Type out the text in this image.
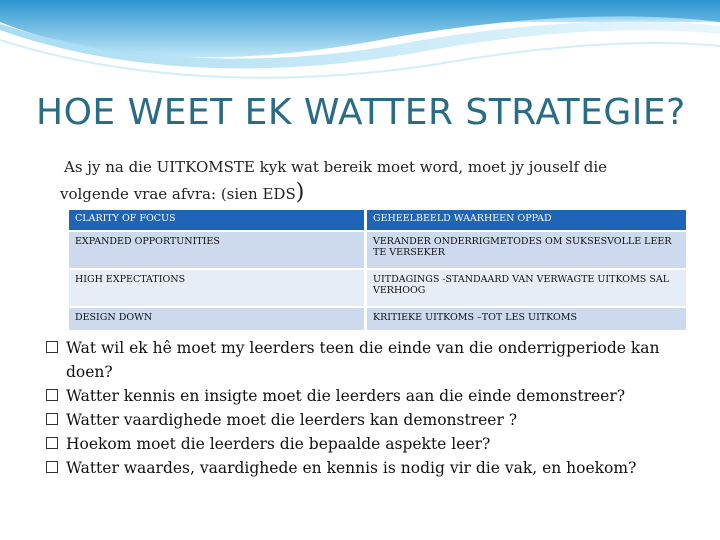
HOE WEET EK WATTER STRATEGIE?
As jy na die UITKOMSTE kyk wat bereik moet word, moet jy jouself die
volgende vrae afvra: (sien EDS)
CLARITY OF FOCUS	GEHEELBEELD WAARHEEN OPPAD
EXPANDED OPPORTUNITIES	VERANDER ONDERRIGMETODES OM SUKSESVOLLE LEER TE VERSEKER
HIGH EXPECTATIONS	UITDAGINGS -STANDAARD VAN VERWAGTE UITKOMS SAL VERHOOG
DESIGN DOWN	KRITIEKE UITKOMS –TOT LES UITKOMS
Wat wil ek hê moet my leerders teen die einde van die onderrigperiode kan doen?
Watter kennis en insigte moet die leerders aan die einde demonstreer?
Watter vaardighede moet die leerders kan demonstreer ?
Hoekom moet die leerders die bepaalde aspekte leer?
Watter waardes, vaardighede en kennis is nodig vir die vak, en hoekom?
